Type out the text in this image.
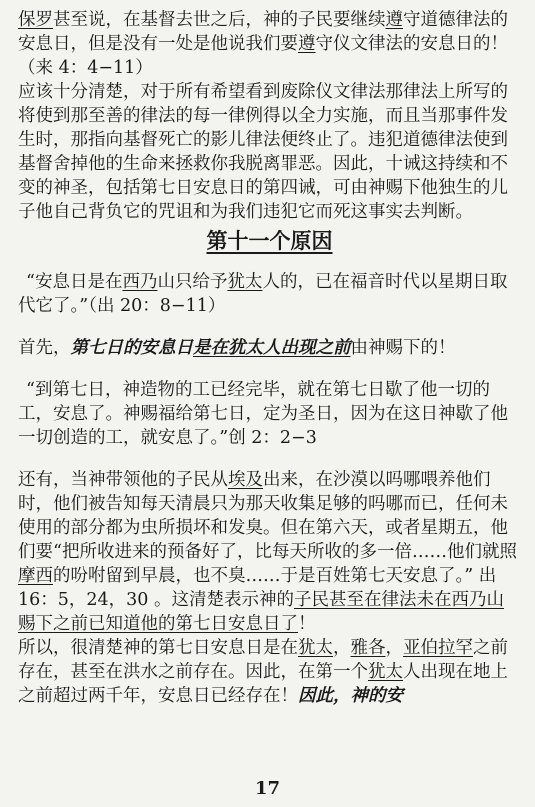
保罗甚至说，在基督去世之后，神的子民要继续遵守道德律法的安息日，但是没有一处是他说我们要遵守仪文律法的安息日的！（来 4：4−11）

应该十分清楚，对于所有希望看到废除仪文律法那律法上所写的将使到那至善的律法的每一律例得以全力实施，而且当那事件发生时，那指向基督死亡的影儿律法便终止了。违犯道德律法使到基督舍掉他的生命来拯救你我脱离罪恶。因此，十诫这持续和不变的神圣，包括第七日安息日的第四诫，可由神赐下他独生的儿子他自己背负它的咒诅和为我们违犯它而死这事实去判断。

第十一个原因

“安息日是在西乃山只给予犹太人的，已在福音时代以星期日取代它了。”（出 20：8−11）

首先，第七日的安息日是在犹太人出现之前由神赐下的！

“到第七日，神造物的工已经完毕，就在第七日歇了他一切的工，安息了。神赐福给第七日，定为圣日，因为在这日神歇了他一切创造的工，就安息了。”创 2：2−3

还有，当神带领他的子民从埃及出来，在沙漠以吗哪喂养他们时，他们被告知每天清晨只为那天收集足够的吗哪而已，任何未使用的部分都为虫所损坏和发臭。但在第六天，或者星期五，他们要“把所收进来的预备好了，比每天所收的多一倍……他们就照摩西的吩咐留到早晨，也不臭……于是百姓第七天安息了。” 出 16：5，24，30 。这清楚表示神的子民甚至在律法未在西乃山赐下之前已知道他的第七日安息日了！

所以，很清楚神的第七日安息日是在犹太，雅各，亚伯拉罕之前存在，甚至在洪水之前存在。因此，在第一个犹太人出现在地上之前超过两千年，安息日已经存在！因此，神的安

17
